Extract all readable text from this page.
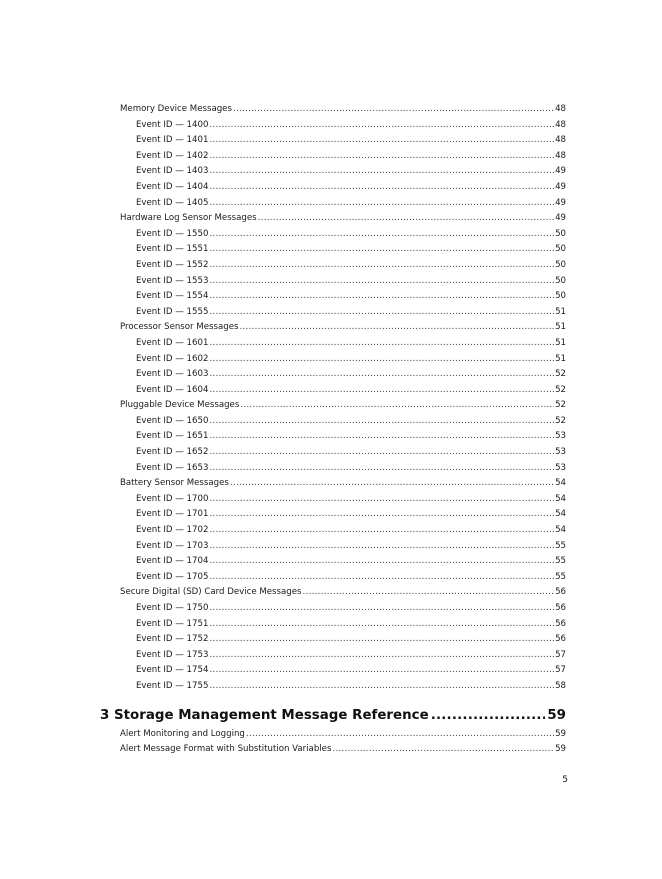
Memory Device Messages .....	48
Event ID — 1400 .....	48
Event ID — 1401 .....	48
Event ID — 1402 .....	48
Event ID — 1403 .....	49
Event ID — 1404 .....	49
Event ID — 1405 .....	49
Hardware Log Sensor Messages .....	49
Event ID — 1550 .....	50
Event ID — 1551 .....	50
Event ID — 1552 .....	50
Event ID — 1553 .....	50
Event ID — 1554 .....	50
Event ID — 1555 .....	51
Processor Sensor Messages .....	51
Event ID — 1601 .....	51
Event ID — 1602 .....	51
Event ID — 1603 .....	52
Event ID — 1604 .....	52
Pluggable Device Messages .....	52
Event ID — 1650 .....	52
Event ID — 1651 .....	53
Event ID — 1652 .....	53
Event ID — 1653 .....	53
Battery Sensor Messages .....	54
Event ID — 1700 .....	54
Event ID — 1701 .....	54
Event ID — 1702 .....	54
Event ID — 1703 .....	55
Event ID — 1704 .....	55
Event ID — 1705 .....	55
Secure Digital (SD) Card Device Messages .....	56
Event ID — 1750 .....	56
Event ID — 1751 .....	56
Event ID — 1752 .....	56
Event ID — 1753 .....	57
Event ID — 1754 .....	57
Event ID — 1755 .....	58
3 Storage Management Message Reference .....	59
Alert Monitoring and Logging .....	59
Alert Message Format with Substitution Variables .....	59
5
